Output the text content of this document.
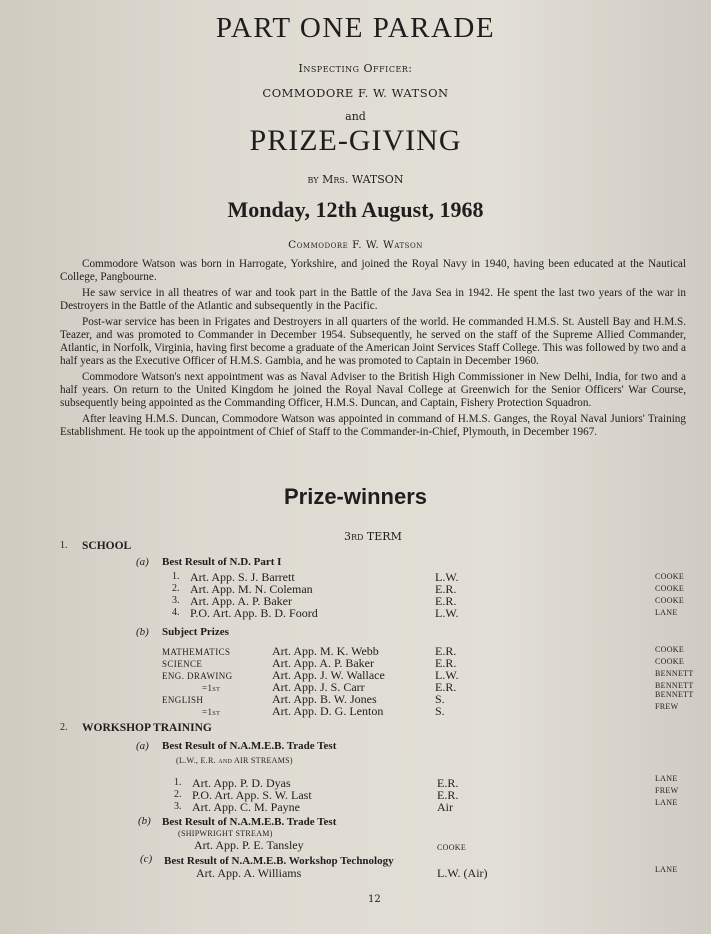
PART ONE PARADE
Inspecting Officer:
COMMODORE F. W. WATSON
and
PRIZE-GIVING
by Mrs. WATSON
Monday, 12th August, 1968
Commodore F. W. Watson

Commodore Watson was born in Harrogate, Yorkshire, and joined the Royal Navy in 1940, having been educated at the Nautical College, Pangbourne.

He saw service in all theatres of war and took part in the Battle of the Java Sea in 1942. He spent the last two years of the war in Destroyers in the Battle of the Atlantic and subsequently in the Pacific.

Post-war service has been in Frigates and Destroyers in all quarters of the world. He commanded H.M.S. St. Austell Bay and H.M.S. Teazer, and was promoted to Commander in December 1954. Subsequently, he served on the staff of the Supreme Allied Commander, Atlantic, in Norfolk, Virginia, having first become a graduate of the American Joint Services Staff College. This was followed by two and a half years as the Executive Officer of H.M.S. Gambia, and he was promoted to Captain in December 1960.

Commodore Watson's next appointment was as Naval Adviser to the British High Commissioner in New Delhi, India, for two and a half years. On return to the United Kingdom he joined the Royal Naval College at Greenwich for the Senior Officers' War Course, subsequently being appointed as the Commanding Officer, H.M.S. Duncan, and Captain, Fishery Protection Squadron.

After leaving H.M.S. Duncan, Commodore Watson was appointed in command of H.M.S. Ganges, the Royal Naval Juniors' Training Establishment. He took up the appointment of Chief of Staff to the Commander-in-Chief, Plymouth, in December 1967.

Prize-winners
3rd TERM
1. SCHOOL
(a) Best Result of N.D. Part I
1. Art. App. S. J. Barrett	L.W.	COOKE
2. Art. App. M. N. Coleman	E.R.	COOKE
3. Art. App. A. P. Baker	E.R.	COOKE
4. P.O. Art. App. B. D. Foord	L.W.	LANE
(b) Subject Prizes
MATHEMATICS	Art. App. M. K. Webb	E.R.	COOKE
SCIENCE	Art. App. A. P. Baker	E.R.	COOKE
ENG. DRAWING	Art. App. J. W. Wallace	L.W.	BENNETT
=1st	Art. App. J. S. Carr	E.R.	BENNETT
ENGLISH	Art. App. B. W. Jones	S.	BENNETT
=1st	Art. App. D. G. Lenton	S.	FREW
2. WORKSHOP TRAINING
(a) Best Result of N.A.M.E.B. Trade Test
(L.W., E.R. and AIR STREAMS)
1. Art. App. P. D. Dyas	E.R.	LANE
2. P.O. Art. App. S. W. Last	E.R.	FREW
3. Art. App. C. M. Payne	Air	LANE
(b) Best Result of N.A.M.E.B. Trade Test
(SHIPWRIGHT STREAM)
Art. App. P. E. Tansley	COOKE
(c) Best Result of N.A.M.E.B. Workshop Technology
Art. App. A. Williams	L.W. (Air)	LANE
12
